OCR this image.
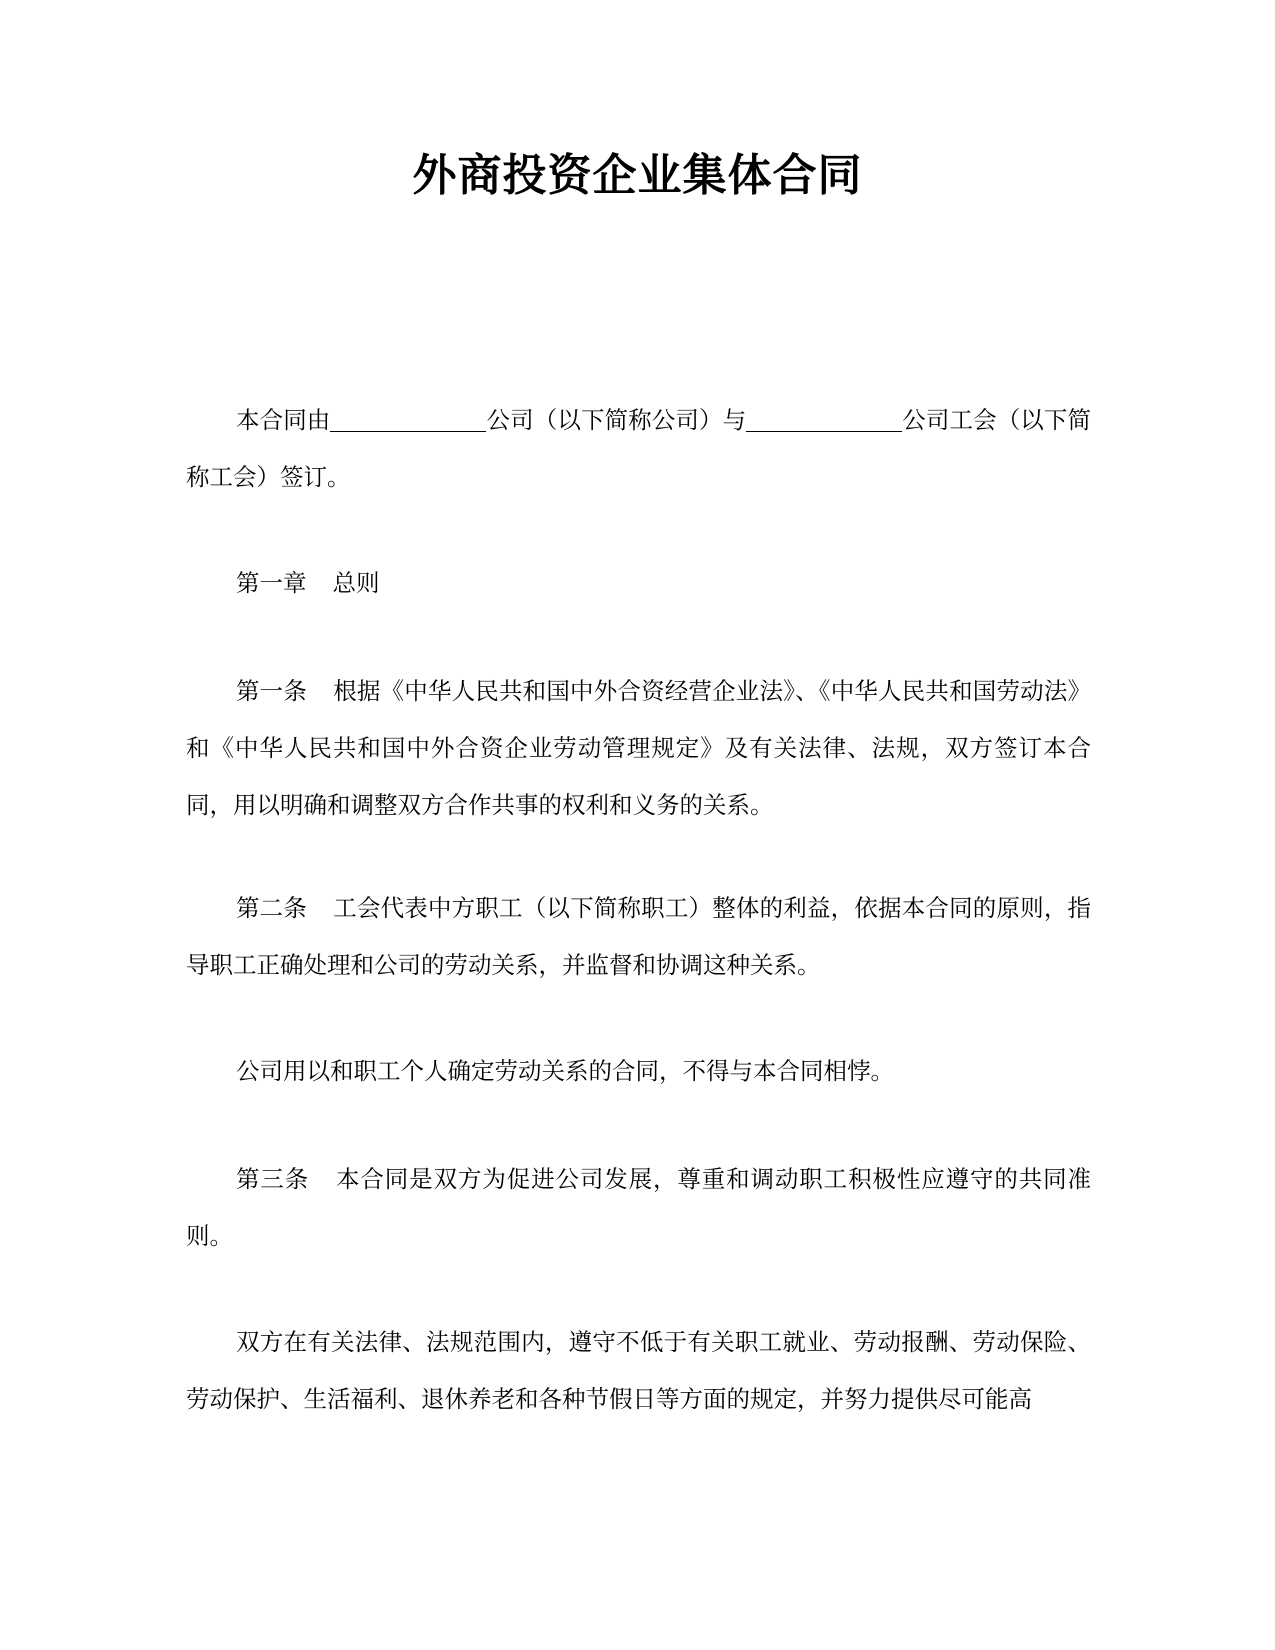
外商投资企业集体合同

本合同由	公司（以下简称公司）与	公司工会（以下简称工会）签订。

第一章 总则

第一条 根据《中华人民共和国中外合资经营企业法》、《中华人民共和国劳动法》和《中华人民共和国中外合资企业劳动管理规定》及有关法律、法规，双方签订本合同，用以明确和调整双方合作共事的权利和义务的关系。

第二条 工会代表中方职工（以下简称职工）整体的利益，依据本合同的原则，指导职工正确处理和公司的劳动关系，并监督和协调这种关系。

公司用以和职工个人确定劳动关系的合同，不得与本合同相悖。

第三条 本合同是双方为促进公司发展，尊重和调动职工积极性应遵守的共同准则。

双方在有关法律、法规范围内，遵守不低于有关职工就业、劳动报酬、劳动保险、劳动保护、生活福利、退休养老和各种节假日等方面的规定，并努力提供尽可能高
